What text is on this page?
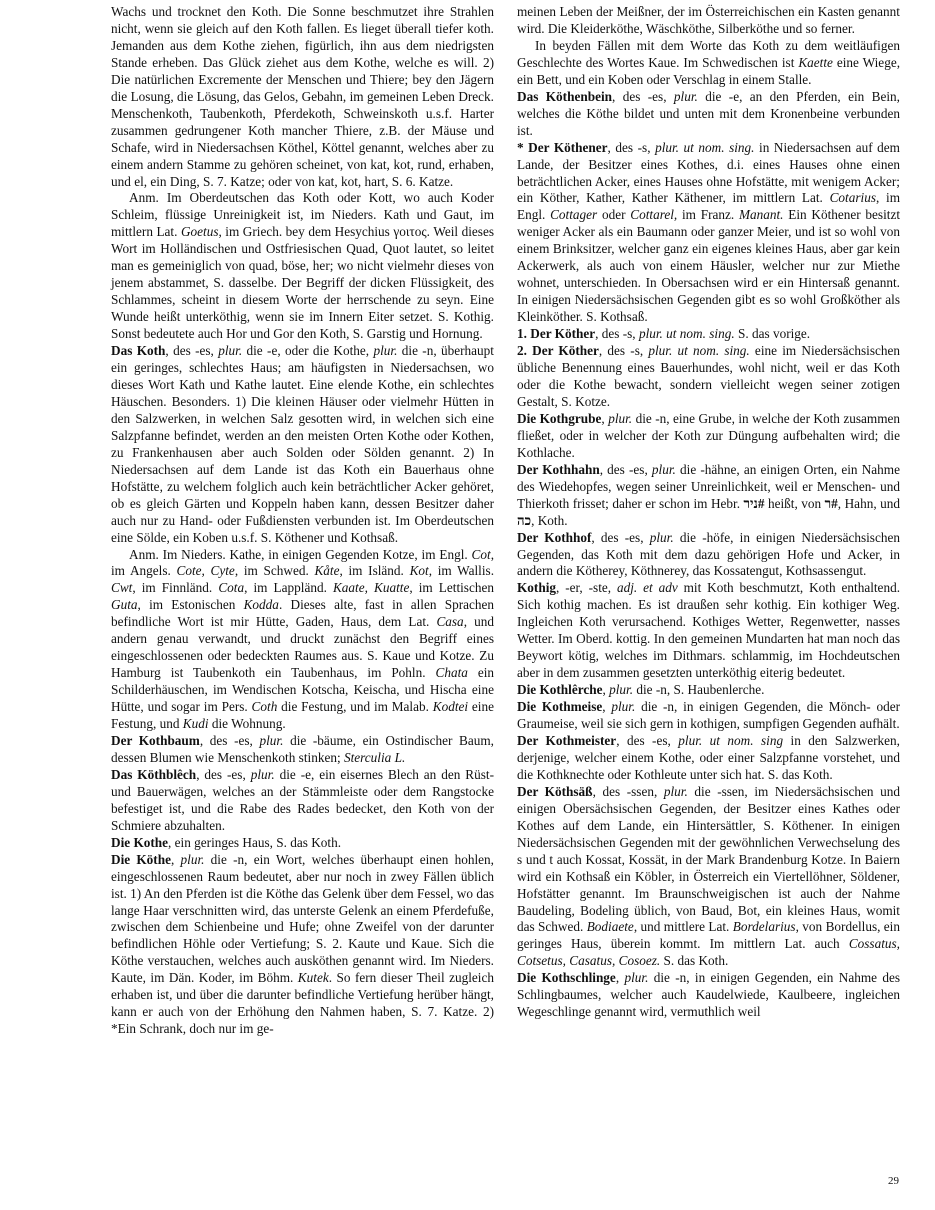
Wachs und trocknet den Koth. Die Sonne beschmutzet ihre Strahlen nicht, wenn sie gleich auf den Koth fallen. Es lieget überall tiefer koth. Jemanden aus dem Kothe ziehen, figürlich, ihn aus dem niedrigsten Stande erheben. Das Glück ziehet aus dem Kothe, welche es will. 2) Die natürlichen Excremente der Menschen und Thiere; bey den Jägern die Losung, die Lösung, das Gelos, Gebahn, im gemeinen Leben Dreck. Menschenkoth, Taubenkoth, Pferdekoth, Schweinskoth u.s.f. Harter zusammen gedrungener Koth mancher Thiere, z.B. der Mäuse und Schafe, wird in Niedersachsen Köthel, Köttel genannt, welches aber zu einem andern Stamme zu gehören scheinet, von kat, kot, rund, erhaben, und el, ein Ding, S. 7. Katze; oder von kat, kot, hart, S. 6. Katze.

Anm. Im Oberdeutschen das Koth oder Kott, wo auch Koder Schleim, flüssige Unreinigkeit ist, im Nieders. Kath und Gaut, im mittlern Lat. Goetus, im Griech. bey dem Hesychius γοιτος. Weil dieses Wort im Holländischen und Ostfriesischen Quad, Quot lautet, so leitet man es gemeiniglich von quad, böse, her; wo nicht vielmehr dieses von jenem abstammet, S. dasselbe. Der Begriff der dicken Flüssigkeit, des Schlammes, scheint in diesem Worte der herrschende zu seyn. Eine Wunde heißt unterköthig, wenn sie im Innern Eiter setzet. S. Kothig. Sonst bedeutete auch Hor und Gor den Koth, S. Garstig und Hornung.

Das Koth, des -es, plur. die -e, oder die Kothe, plur. die -n, überhaupt ein geringes, schlechtes Haus; am häufigsten in Niedersachsen, wo dieses Wort Kath und Kathe lautet. Eine elende Kothe, ein schlechtes Häuschen. Besonders. 1) Die kleinen Häuser oder vielmehr Hütten in den Salzwerken, in welchen Salz gesotten wird, in welchen sich eine Salzpfanne befindet, werden an den meisten Orten Kothe oder Kothen, zu Frankenhausen aber auch Solden oder Sölden genannt. 2) In Niedersachsen auf dem Lande ist das Koth ein Bauerhaus ohne Hofstätte, zu welchem folglich auch kein beträchtlicher Acker gehöret, ob es gleich Gärten und Koppeln haben kann, dessen Besitzer daher auch nur zu Hand- oder Fußdiensten verbunden ist. Im Oberdeutschen eine Sölde, ein Koben u.s.f. S. Köthener und Kothsaß.

Anm. Im Nieders. Kathe, in einigen Gegenden Kotze, im Engl. Cot, im Angels. Cote, Cyte, im Schwed. Kåte, im Isländ. Kot, im Wallis. Cwt, im Finnländ. Cota, im Lappländ. Kaate, Kuatte, im Lettischen Guta, im Estonischen Kodda. Dieses alte, fast in allen Sprachen befindliche Wort ist mir Hütte, Gaden, Haus, dem Lat. Casa, und andern genau verwandt, und druckt zunächst den Begriff eines eingeschlossenen oder bedeckten Raumes aus. S. Kaue und Kotze. Zu Hamburg ist Taubenkoth ein Taubenhaus, im Pohln. Chata ein Schilderhäuschen, im Wendischen Kotscha, Keischa, und Hischa eine Hütte, und sogar im Pers. Coth die Festung, und im Malab. Kodtei eine Festung, und Kudi die Wohnung.

Der Kothbaum, des -es, plur. die -bäume, ein Ostindischer Baum, dessen Blumen wie Menschenkoth stinken; Sterculia L.

Das Köthblêch, des -es, plur. die -e, ein eisernes Blech an den Rüst- und Bauerwägen, welches an der Stämmleiste oder dem Rangstocke befestiget ist, und die Rabe des Rades bedecket, den Koth von der Schmiere abzuhalten.

Die Kothe, ein geringes Haus, S. das Koth.

Die Köthe, plur. die -n, ein Wort, welches überhaupt einen hohlen, eingeschlossenen Raum bedeutet, aber nur noch in zwey Fällen üblich ist. 1) An den Pferden ist die Köthe das Gelenk über dem Fessel, wo das lange Haar verschnitten wird, das unterste Gelenk an einem Pferdefuße, zwischen dem Schienbeine und Hufe; ohne Zweifel von der darunter befindlichen Höhle oder Vertiefung; S. 2. Kaute und Kaue. Sich die Köthe verstauchen, welches auch ausköthen genannt wird. Im Nieders. Kaute, im Dän. Koder, im Böhm. Kutek. So fern dieser Theil zugleich erhaben ist, und über die darunter befindliche Vertiefung herüber hängt, kann er auch von der Erhöhung den Nahmen haben, S. 7. Katze. 2) *Ein Schrank, doch nur im ge-

meinen Leben der Meißner, der im Österreichischen ein Kasten genannt wird. Die Kleiderköthe, Wäschköthe, Silberköthe und so ferner.

In beyden Fällen mit dem Worte das Koth zu dem weitläufigen Geschlechte des Wortes Kaue. Im Schwedischen ist Kaette eine Wiege, ein Bett, und ein Koben oder Verschlag in einem Stalle.

Das Köthenbein, des -es, plur. die -e, an den Pferden, ein Bein, welches die Köthe bildet und unten mit dem Kronenbeine verbunden ist.

* Der Köthener, des -s, plur. ut nom. sing. in Niedersachsen auf dem Lande, der Besitzer eines Kothes, d.i. eines Hauses ohne einen beträchtlichen Acker, eines Hauses ohne Hofstätte, mit wenigem Acker; ein Köther, Kather, Kather Käthener, im mittlern Lat. Cotarius, im Engl. Cottager oder Cottarel, im Franz. Manant. Ein Köthener besitzt weniger Acker als ein Baumann oder ganzer Meier, und ist so wohl von einem Brinksitzer, welcher ganz ein eigenes kleines Haus, aber gar kein Ackerwerk, als auch von einem Häusler, welcher nur zur Miethe wohnet, unterschieden. In Obersachsen wird er ein Hintersaß genannt. In einigen Niedersächsischen Gegenden gibt es so wohl Großköther als Kleinköther. S. Kothsaß.

1. Der Köther, des -s, plur. ut nom. sing. S. das vorige.

2. Der Köther, des -s, plur. ut nom. sing. eine im Niedersächsischen übliche Benennung eines Bauerhundes, wohl nicht, weil er das Koth oder die Kothe bewacht, sondern vielleicht wegen seiner zotigen Gestalt, S. Kotze.

Die Kothgrube, plur. die -n, eine Grube, in welche der Koth zusammen fließet, oder in welcher der Koth zur Düngung aufbehalten wird; die Kothlache.

Der Kothhahn, des -es, plur. die -hähne, an einigen Orten, ein Nahme des Wiedehopfes, wegen seiner Unreinlichkeit, weil er Menschen- und Thierkoth frisset; daher er schon im Hebr. ניר# heißt, von ר#, Hahn, und כה, Koth.

Der Kothhof, des -es, plur. die -höfe, in einigen Niedersächsischen Gegenden, das Koth mit dem dazu gehörigen Hofe und Acker, in andern die Kötherey, Köthnerey, das Kossatengut, Kothsassengut.

Kothig, -er, -ste, adj. et adv mit Koth beschmutzt, Koth enthaltend. Sich kothig machen. Es ist draußen sehr kothig. Ein kothiger Weg. Ingleichen Koth verursachend. Kothiges Wetter, Regenwetter, nasses Wetter. Im Oberd. kottig. In den gemeinen Mundarten hat man noch das Beywort kötig, welches im Dithmars. schlammig, im Hochdeutschen aber in dem zusammen gesetzten unterköthig eiterig bedeutet.

Die Kothlêrche, plur. die -n, S. Haubenlerche.

Die Kothmeise, plur. die -n, in einigen Gegenden, die Mönch- oder Graumeise, weil sie sich gern in kothigen, sumpfigen Gegenden aufhält.

Der Kothmeister, des -es, plur. ut nom. sing in den Salzwerken, derjenige, welcher einem Kothe, oder einer Salzpfanne vorstehet, und die Kothknechte oder Kothleute unter sich hat. S. das Koth.

Der Köthsäß, des -ssen, plur. die -ssen, im Niedersächsischen und einigen Obersächsischen Gegenden, der Besitzer eines Kathes oder Kothes auf dem Lande, ein Hintersättler, S. Köthener. In einigen Niedersächsischen Gegenden mit der gewöhnlichen Verwechselung des s und t auch Kossat, Kossät, in der Mark Brandenburg Kotze. In Baiern wird ein Kothsaß ein Köbler, in Österreich ein Viertellöhner, Söldener, Hofstätter genannt. Im Braunschweigischen ist auch der Nahme Baudeling, Bodeling üblich, von Baud, Bot, ein kleines Haus, womit das Schwed. Bodiaete, und mittlere Lat. Bordelarius, von Bordellus, ein geringes Haus, überein kommt. Im mittlern Lat. auch Cossatus, Cotsetus, Casatus, Cosoez. S. das Koth.

Die Kothschlinge, plur. die -n, in einigen Gegenden, ein Nahme des Schlingbaumes, welcher auch Kaudelwiede, Kaulbeere, ingleichen Wegeschlinge genannt wird, vermuthlich weil

29
